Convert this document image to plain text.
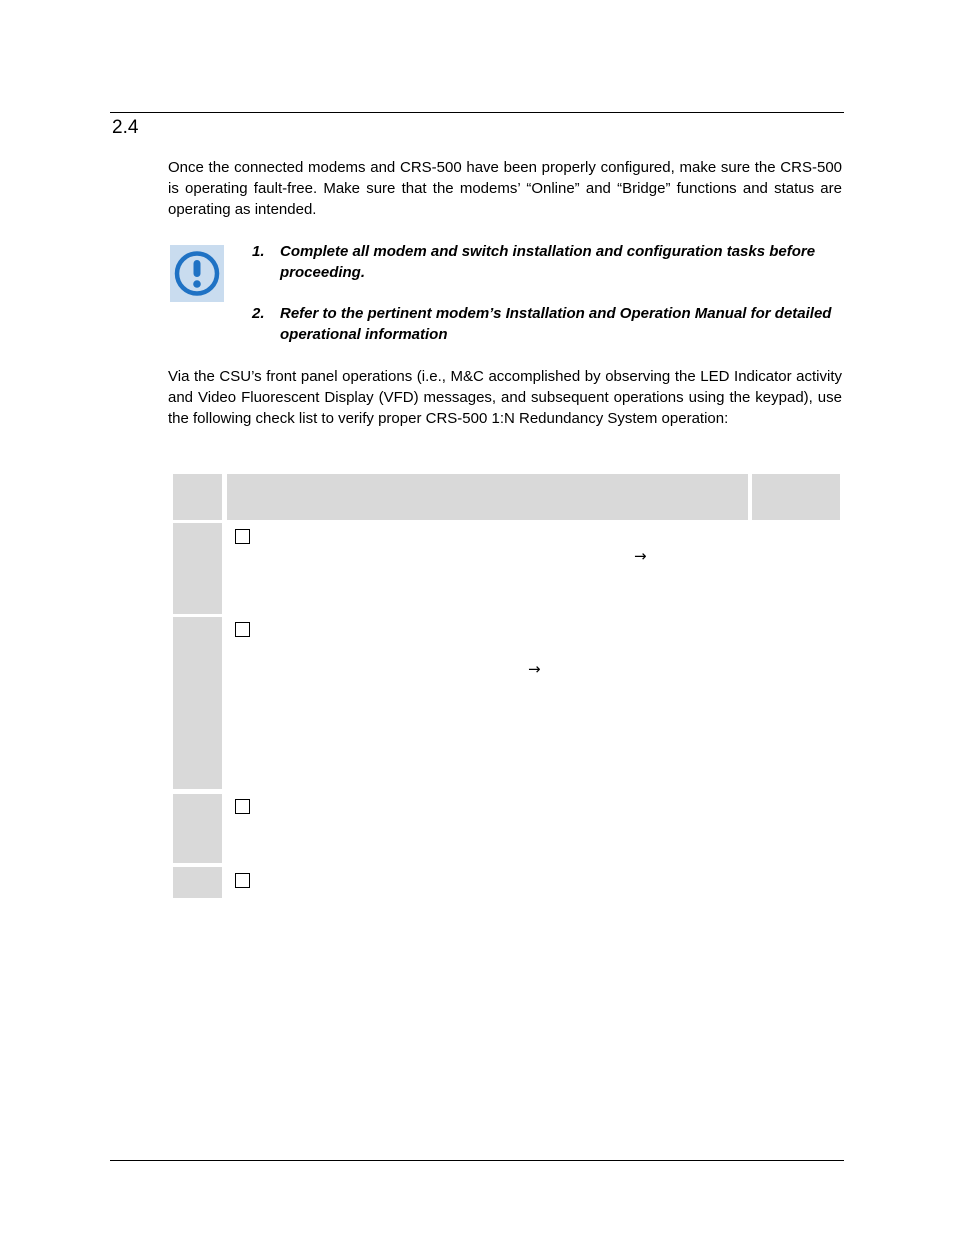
2.4

Once the connected modems and CRS-500 have been properly configured, make sure the CRS-500 is operating fault-free. Make sure that the modems’ “Online” and “Bridge” functions and status are operating as intended.

1. Complete all modem and switch installation and configuration tasks before proceeding.
2. Refer to the pertinent modem’s Installation and Operation Manual for detailed operational information

Via the CSU’s front panel operations (i.e., M&C accomplished by observing the LED Indicator activity and Video Fluorescent Display (VFD) messages, and subsequent operations using the keypad), use the following check list to verify proper CRS-500 1:N Redundancy System operation:

→
→
